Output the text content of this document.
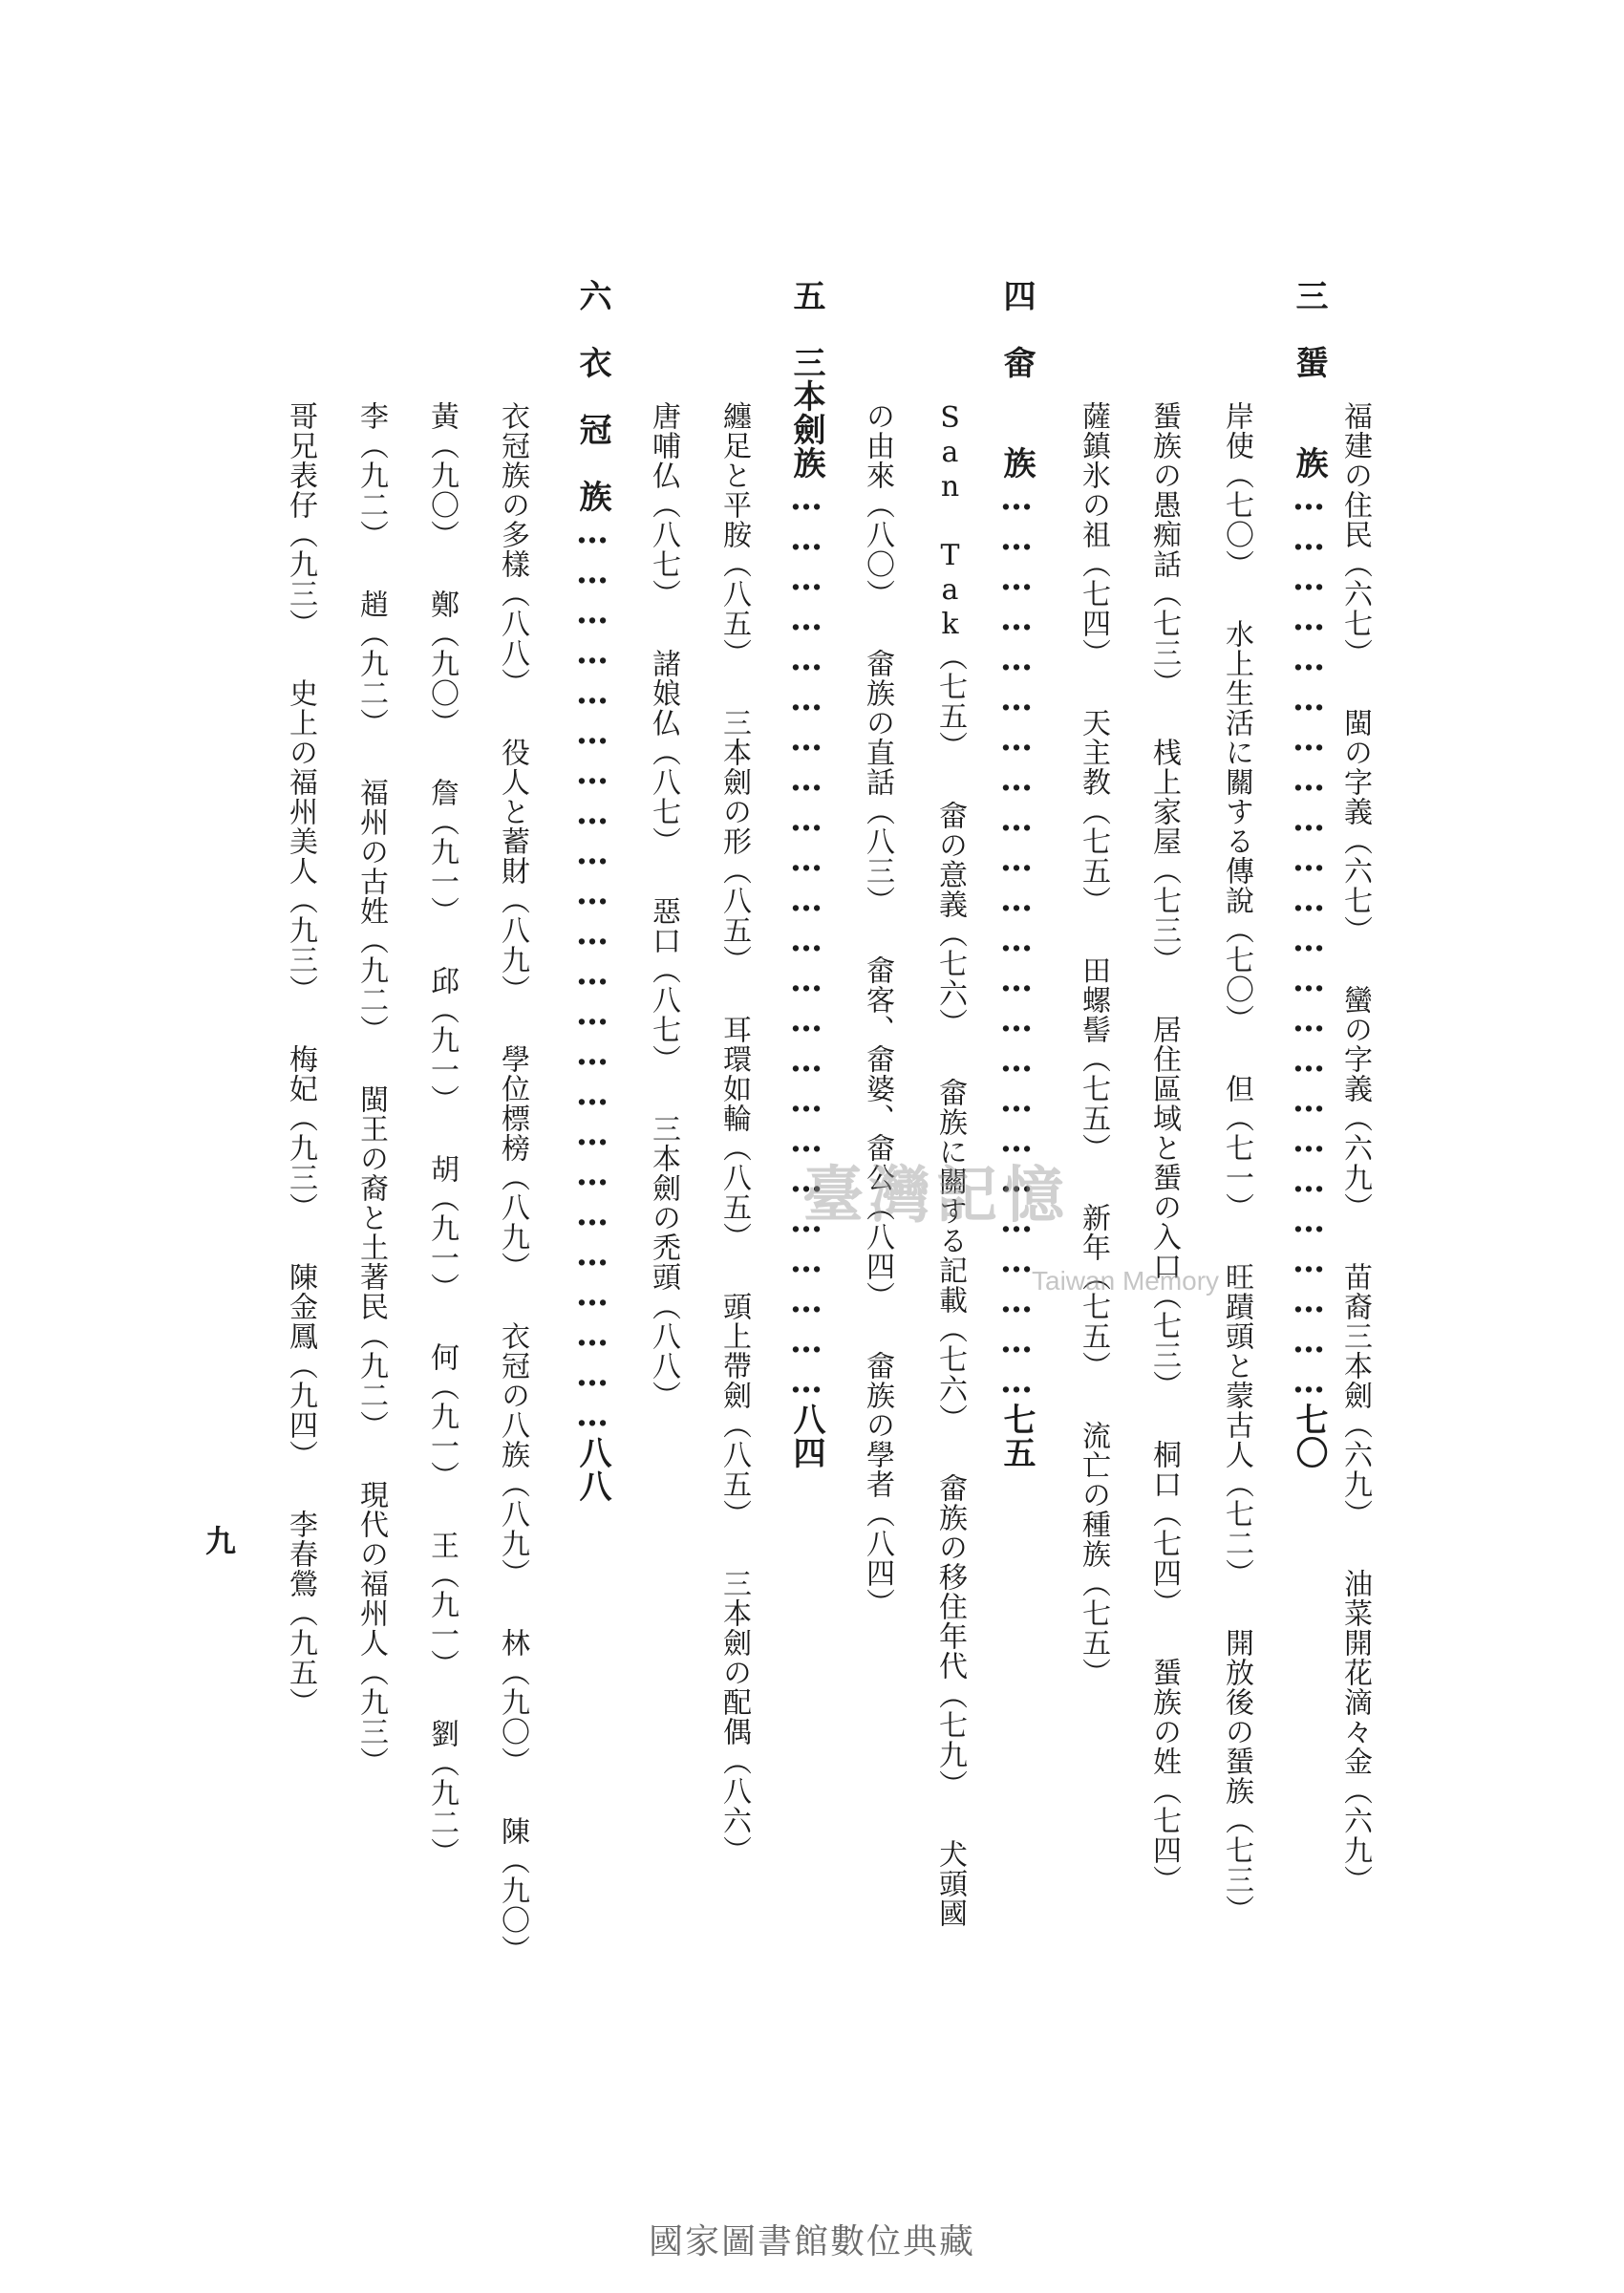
三　蜑　　族……………………………………………………………七〇
福建の住民（六七）閩の字義（六七）蠻の字義（六九）苗裔三本劍（六九）油菜開花滴々金（六九）
岸使（七〇）水上生活に關する傳說（七〇）但（七一）旺蹟頭と蒙古人（七二）開放後の蜑族（七三）
蜑族の愚痴話（七三）桟上家屋（七三）居住區域と蜑の入口（七三）桐口（七四）蜑族の姓（七四）
薩鎮氷の祖（七四）天主教（七五）田螺髻（七五）新年（七五）流亡の種族（七五）
四　畲　　族……………………………………………………………七五
San Tak（七五）畲の意義（七六）畲族に關する記載（七六）畲族の移住年代（七九）犬頭國
の由來（八〇）畲族の直話（八三）畲客、畲婆、畲公（八四）畲族の學者（八四）
五　三本劍族……………………………………………………………八四
纏足と平胺（八五）三本劍の形（八五）耳環如輪（八五）頭上帶劍（八五）三本劍の配偶（八六）
唐哺仏（八七）諸娘仏（八七）惡口（八七）三本劍の禿頭（八八）
六　衣　冠　族……………………………………………………………八八
衣冠族の多樣（八八）役人と蓄財（八九）學位標榜（八九）衣冠の八族（八九）林（九〇）陳（九〇）
黃（九〇）鄭（九〇）詹（九一）邱（九一）胡（九一）何（九一）王（九一）劉（九二）
李（九二）趙（九二）福州の古姓（九二）閩王の裔と土著民（九二）現代の福州人（九三）
哥兄表仔（九三）史上の福州美人（九三）梅妃（九三）陳金鳳（九四）李春鶯（九五）
九
臺灣記憶
Taiwan Memory
國家圖書館數位典藏
